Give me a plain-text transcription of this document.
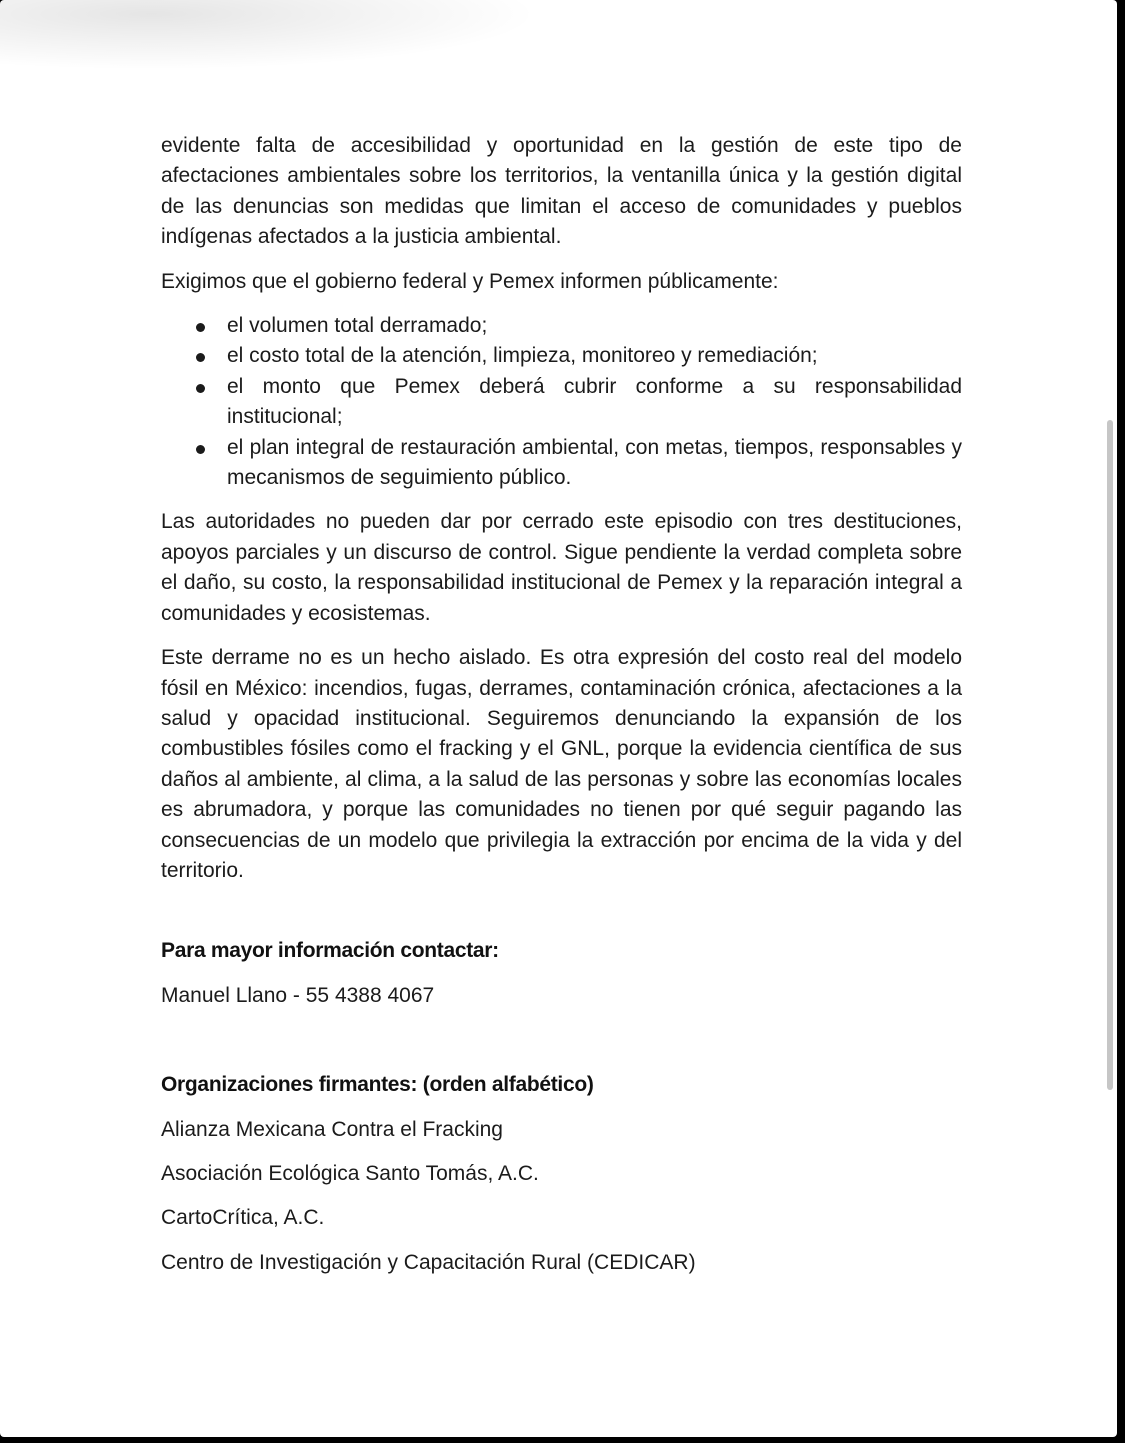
evidente falta de accesibilidad y oportunidad en la gestión de este tipo de afectaciones ambientales sobre los territorios, la ventanilla única y la gestión digital de las denuncias son medidas que limitan el acceso de comunidades y pueblos indígenas afectados a la justicia ambiental.

Exigimos que el gobierno federal y Pemex informen públicamente:

el volumen total derramado;
el costo total de la atención, limpieza, monitoreo y remediación;
el monto que Pemex deberá cubrir conforme a su responsabilidad institucional;
el plan integral de restauración ambiental, con metas, tiempos, responsables y mecanismos de seguimiento público.

Las autoridades no pueden dar por cerrado este episodio con tres destituciones, apoyos parciales y un discurso de control. Sigue pendiente la verdad completa sobre el daño, su costo, la responsabilidad institucional de Pemex y la reparación integral a comunidades y ecosistemas.

Este derrame no es un hecho aislado. Es otra expresión del costo real del modelo fósil en México: incendios, fugas, derrames, contaminación crónica, afectaciones a la salud y opacidad institucional. Seguiremos denunciando la expansión de los combustibles fósiles como el fracking y el GNL, porque la evidencia científica de sus daños al ambiente, al clima, a la salud de las personas y sobre las economías locales es abrumadora, y porque las comunidades no tienen por qué seguir pagando las consecuencias de un modelo que privilegia la extracción por encima de la vida y del territorio.

Para mayor información contactar:

Manuel Llano - 55 4388 4067

Organizaciones firmantes: (orden alfabético)

Alianza Mexicana Contra el Fracking
Asociación Ecológica Santo Tomás, A.C.
CartoCrítica, A.C.
Centro de Investigación y Capacitación Rural (CEDICAR)
